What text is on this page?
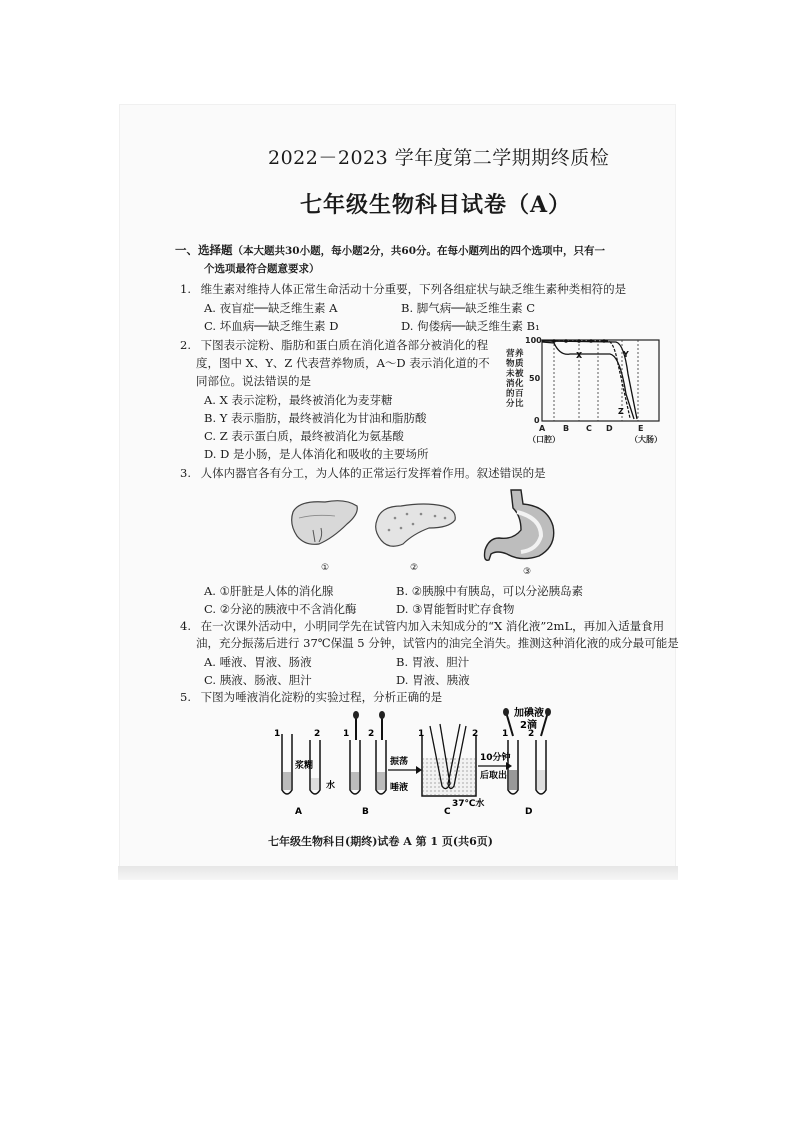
2022－2023 学年度第二学期期终质检
七年级生物科目试卷（A）
一、选择题（本大题共30小题，每小题2分，共60分。在每小题列出的四个选项中，只有一
个选项最符合题意要求）
1. 维生素对维持人体正常生命活动十分重要，下列各组症状与缺乏维生素种类相符的是
A. 夜盲症──缺乏维生素 A	B. 脚气病──缺乏维生素 C
C. 坏血病──缺乏维生素 D	D. 佝偻病──缺乏维生素 B₁
2. 下图表示淀粉、脂肪和蛋白质在消化道各部分被消化的程
度，图中 X、Y、Z 代表营养物质，A～D 表示消化道的不
同部位。说法错误的是
A. X 表示淀粉，最终被消化为麦芽糖
B. Y 表示脂肪，最终被消化为甘油和脂肪酸
C. Z 表示蛋白质，最终被消化为氨基酸
D. D 是小肠，是人体消化和吸收的主要场所
营 养
物 质
未 被
消 化
的 百
分 比
100
50
0
X	Y
Z
A B C D	E
（口腔）	（大肠）
3. 人体内器官各有分工，为人体的正常运行发挥着作用。叙述错误的是
①	②	③
A. ①肝脏是人体的消化腺	B. ②胰腺中有胰岛，可以分泌胰岛素
C. ②分泌的胰液中不含消化酶	D. ③胃能暂时贮存食物
4. 在一次课外活动中，小明同学先在试管内加入未知成分的“X 消化液”2mL，再加入适量食用
油，充分振荡后进行 37℃保温 5 分钟，试管内的油完全消失。推测这种消化液的成分最可能是
A. 唾液、胃液、肠液	B. 胃液、胆汁
C. 胰液、肠液、胆汁	D. 胃液、胰液
5. 下图为唾液消化淀粉的实验过程，分析正确的是
1	2
浆糊
水
A
1 2
B
振荡
唾液
1	2
C
37℃水
10分钟
后取出
1 2
加碘液
2滴
D
七年级生物科目(期终)试卷 A 第 1 页(共6页)
